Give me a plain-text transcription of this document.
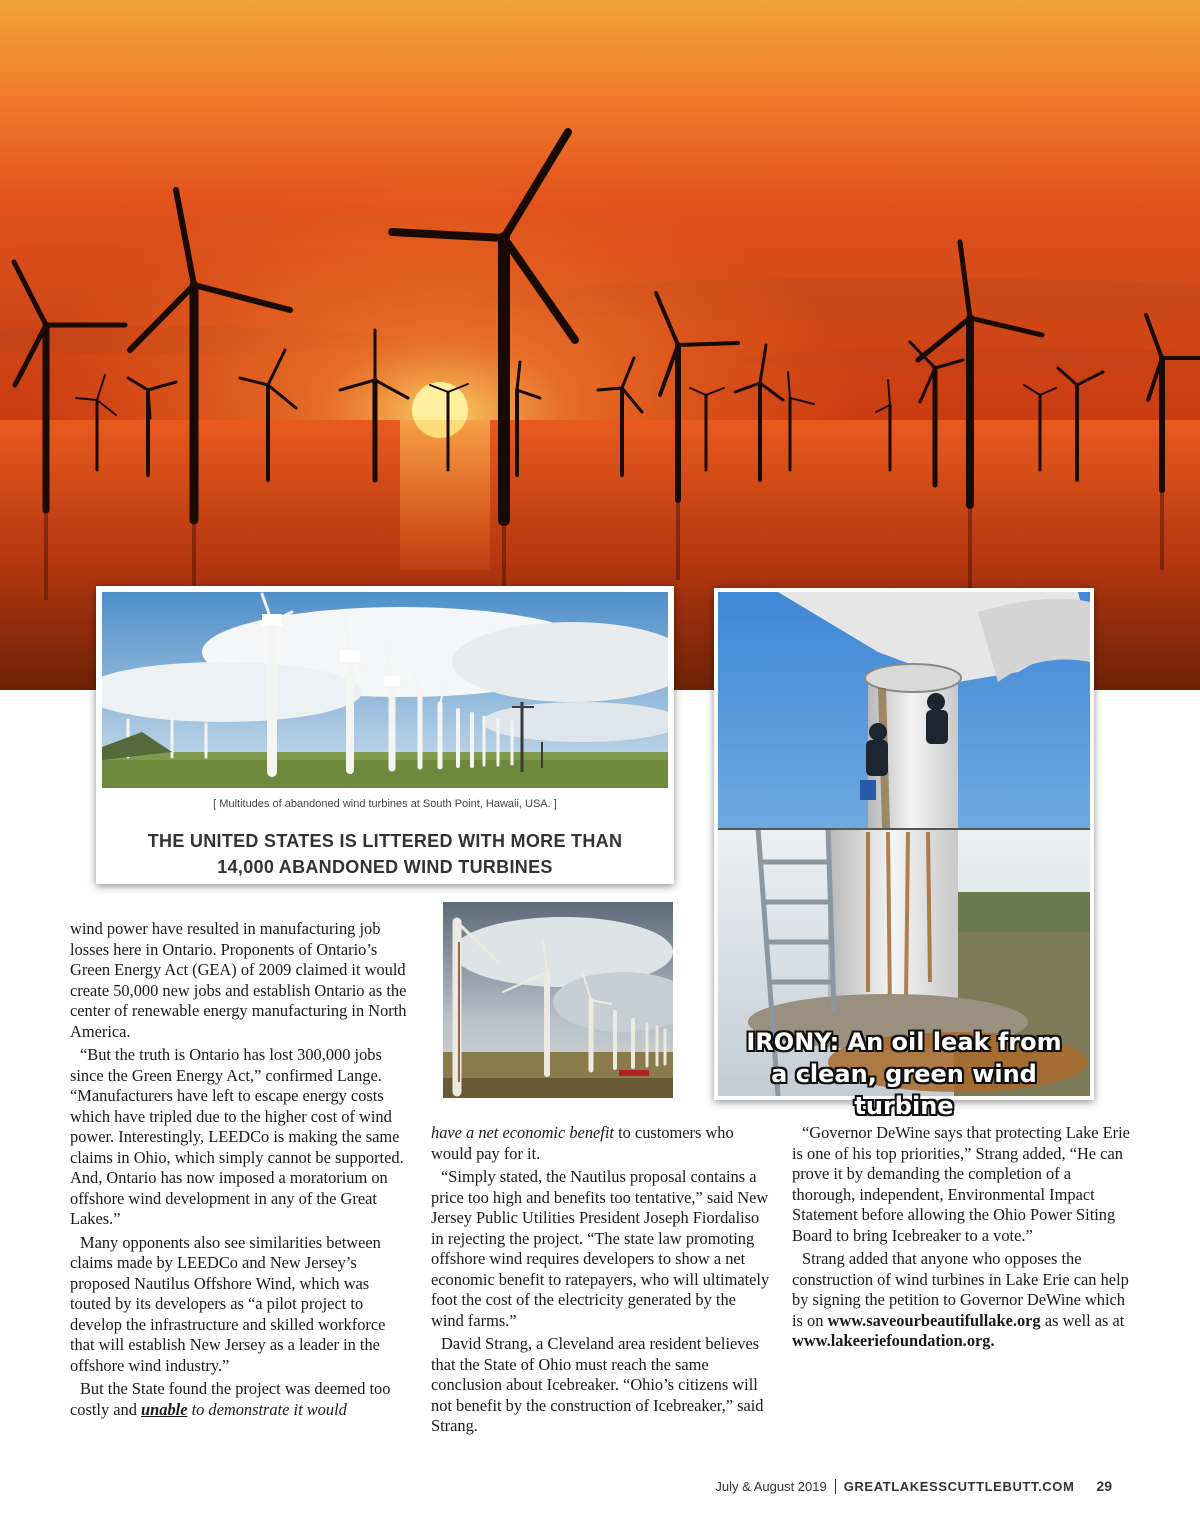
[ Multitudes of abandoned wind turbines at South Point, Hawaii, USA. ]
THE UNITED STATES IS LITTERED WITH MORE THAN
14,000 ABANDONED WIND TURBINES
IRONY: An oil leak from
a clean, green wind turbine

wind power have resulted in manufacturing job losses here in Ontario. Proponents of Ontario’s Green Energy Act (GEA) of 2009 claimed it would create 50,000 new jobs and establish Ontario as the center of renewable energy manufacturing in North America.

“But the truth is Ontario has lost 300,000 jobs since the Green Energy Act,” confirmed Lange. “Manufacturers have left to escape energy costs which have tripled due to the higher cost of wind power. Interestingly, LEEDCo is making the same claims in Ohio, which simply cannot be supported. And, Ontario has now imposed a moratorium on offshore wind development in any of the Great Lakes.”

Many opponents also see similarities between claims made by LEEDCo and New Jersey’s proposed Nautilus Offshore Wind, which was touted by its developers as “a pilot project to develop the infrastructure and skilled workforce that will establish New Jersey as a leader in the offshore wind industry.”

But the State found the project was deemed too costly and unable to demonstrate it would

have a net economic benefit to customers who would pay for it.

“Simply stated, the Nautilus proposal contains a price too high and benefits too tentative,” said New Jersey Public Utilities President Joseph Fiordaliso in rejecting the project. “The state law promoting offshore wind requires developers to show a net economic benefit to ratepayers, who will ultimately foot the cost of the electricity generated by the wind farms.”

David Strang, a Cleveland area resident believes that the State of Ohio must reach the same conclusion about Icebreaker. “Ohio’s citizens will not benefit by the construction of Icebreaker,” said Strang.

“Governor DeWine says that protecting Lake Erie is one of his top priorities,” Strang added, “He can prove it by demanding the completion of a thorough, independent, Environmental Impact Statement before allowing the Ohio Power Siting Board to bring Icebreaker to a vote.”

Strang added that anyone who opposes the construction of wind turbines in Lake Erie can help by signing the petition to Governor DeWine which is on www.saveourbeautifullake.org as well as at www.lakeeriefoundation.org.

July & August 2019 GREATLAKESSCUTTLEBUTT.COM 29
